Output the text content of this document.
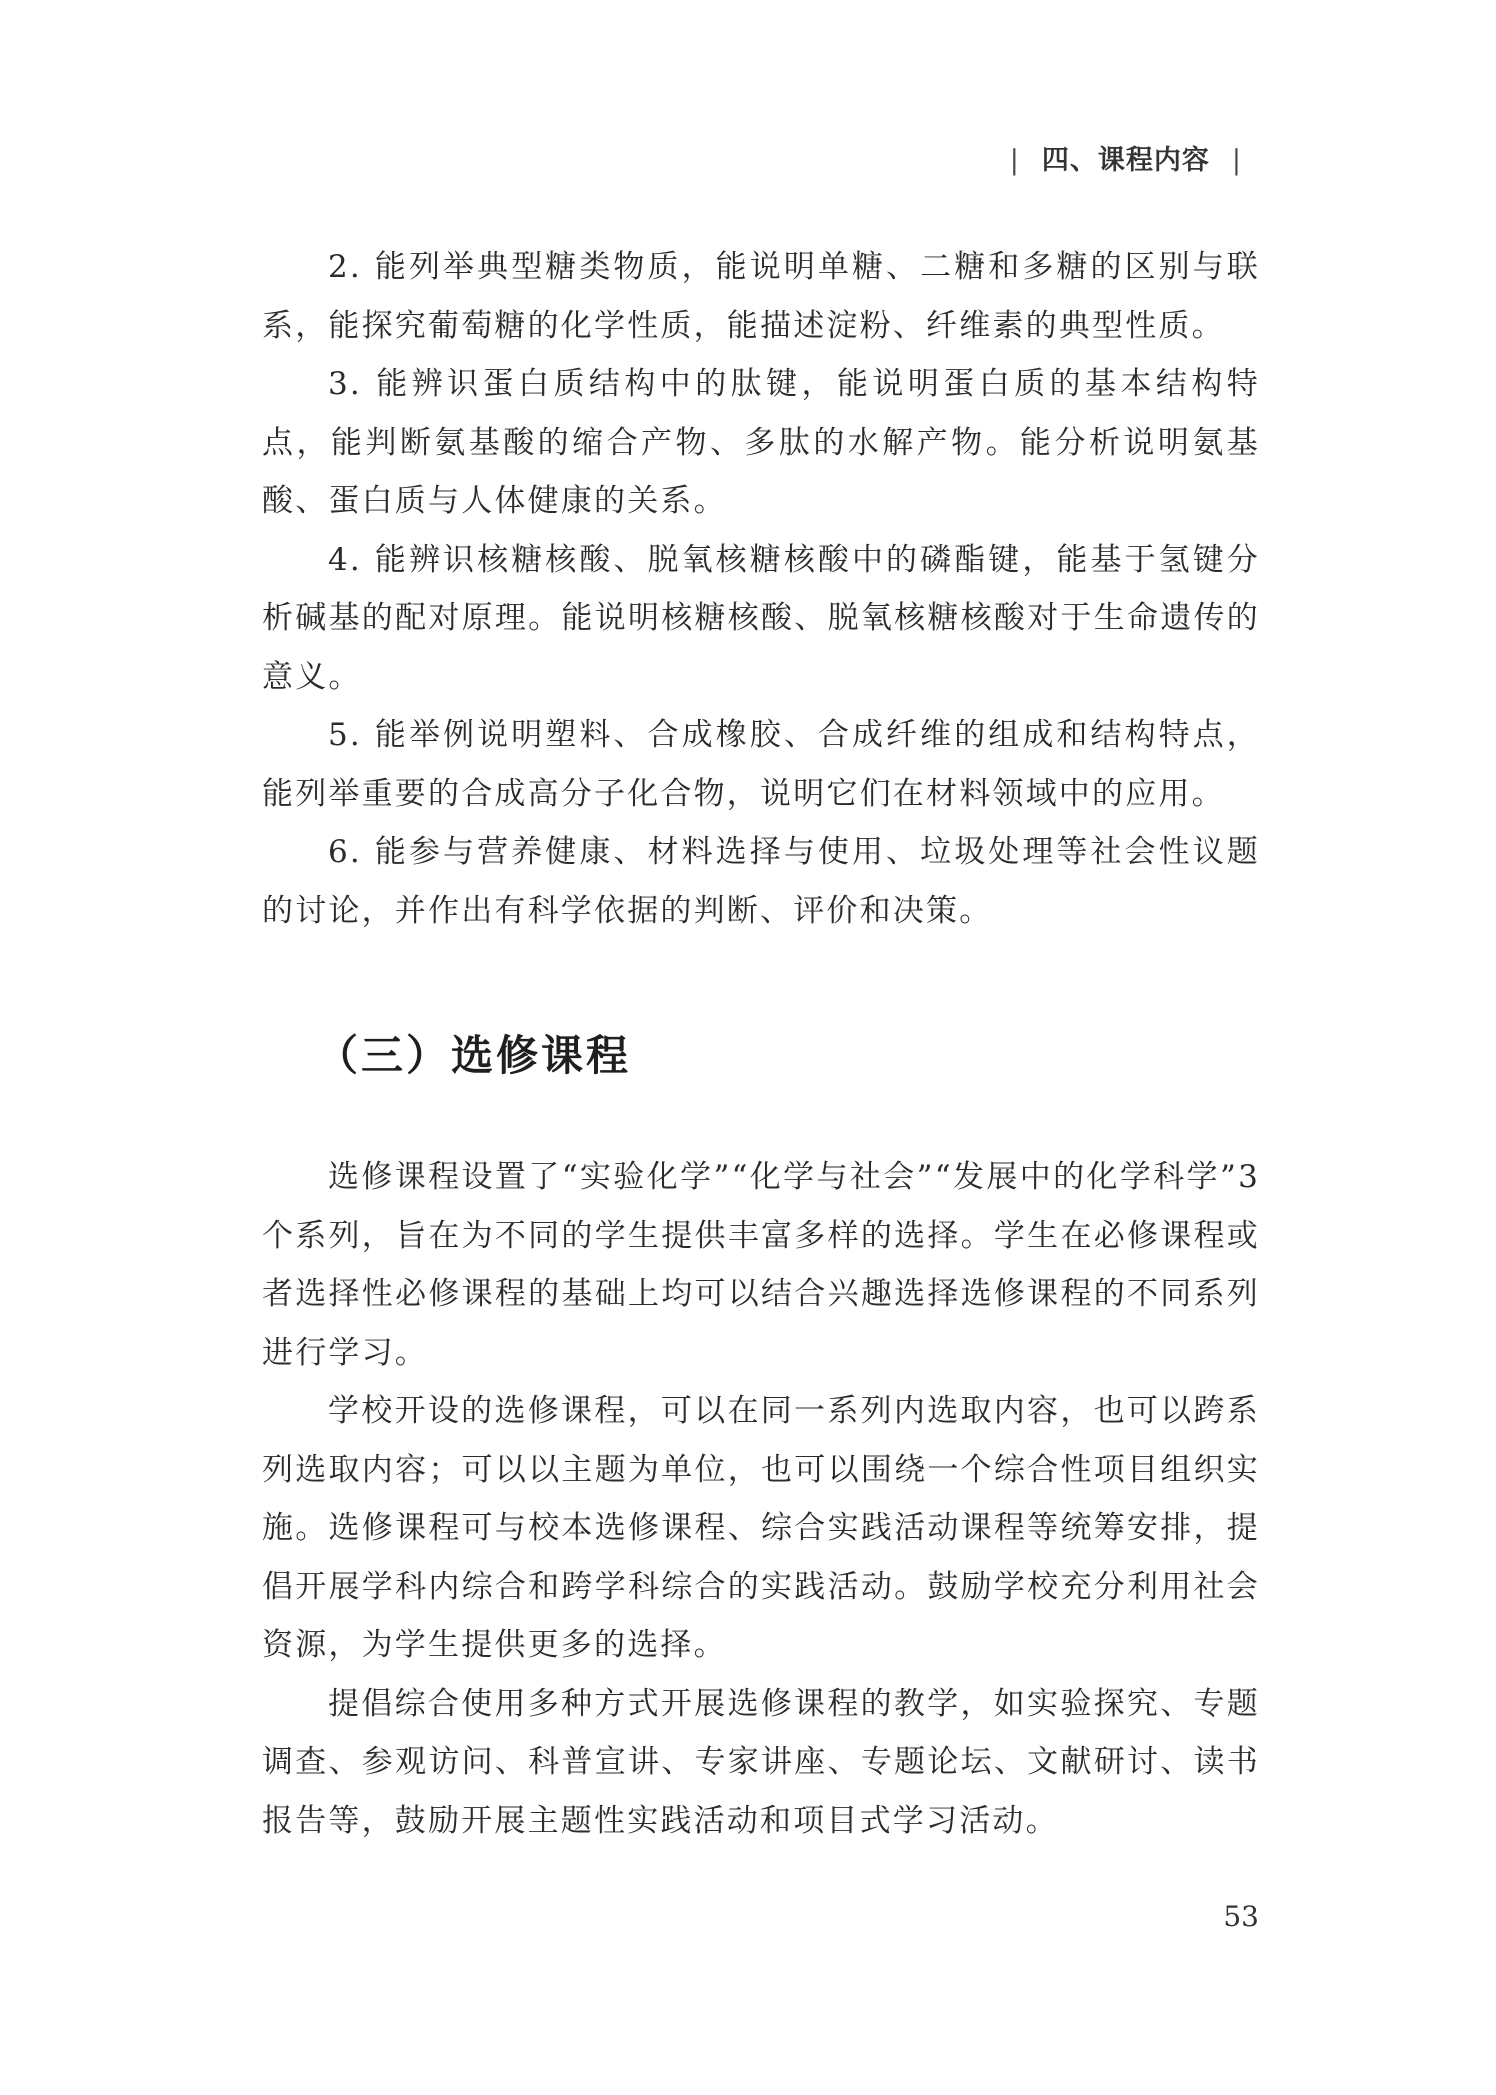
| 四、课程内容 |

2. 能列举典型糖类物质，能说明单糖、二糖和多糖的区别与联系，能探究葡萄糖的化学性质，能描述淀粉、纤维素的典型性质。

3. 能辨识蛋白质结构中的肽键，能说明蛋白质的基本结构特点，能判断氨基酸的缩合产物、多肽的水解产物。能分析说明氨基酸、蛋白质与人体健康的关系。

4. 能辨识核糖核酸、脱氧核糖核酸中的磷酯键，能基于氢键分析碱基的配对原理。能说明核糖核酸、脱氧核糖核酸对于生命遗传的意义。

5. 能举例说明塑料、合成橡胶、合成纤维的组成和结构特点，能列举重要的合成高分子化合物，说明它们在材料领域中的应用。

6. 能参与营养健康、材料选择与使用、垃圾处理等社会性议题的讨论，并作出有科学依据的判断、评价和决策。

（三）选修课程

选修课程设置了“实验化学”“化学与社会”“发展中的化学科学”3个系列，旨在为不同的学生提供丰富多样的选择。学生在必修课程或者选择性必修课程的基础上均可以结合兴趣选择选修课程的不同系列进行学习。

学校开设的选修课程，可以在同一系列内选取内容，也可以跨系列选取内容；可以以主题为单位，也可以围绕一个综合性项目组织实施。选修课程可与校本选修课程、综合实践活动课程等统筹安排，提倡开展学科内综合和跨学科综合的实践活动。鼓励学校充分利用社会资源，为学生提供更多的选择。

提倡综合使用多种方式开展选修课程的教学，如实验探究、专题调查、参观访问、科普宣讲、专家讲座、专题论坛、文献研讨、读书报告等，鼓励开展主题性实践活动和项目式学习活动。

53
